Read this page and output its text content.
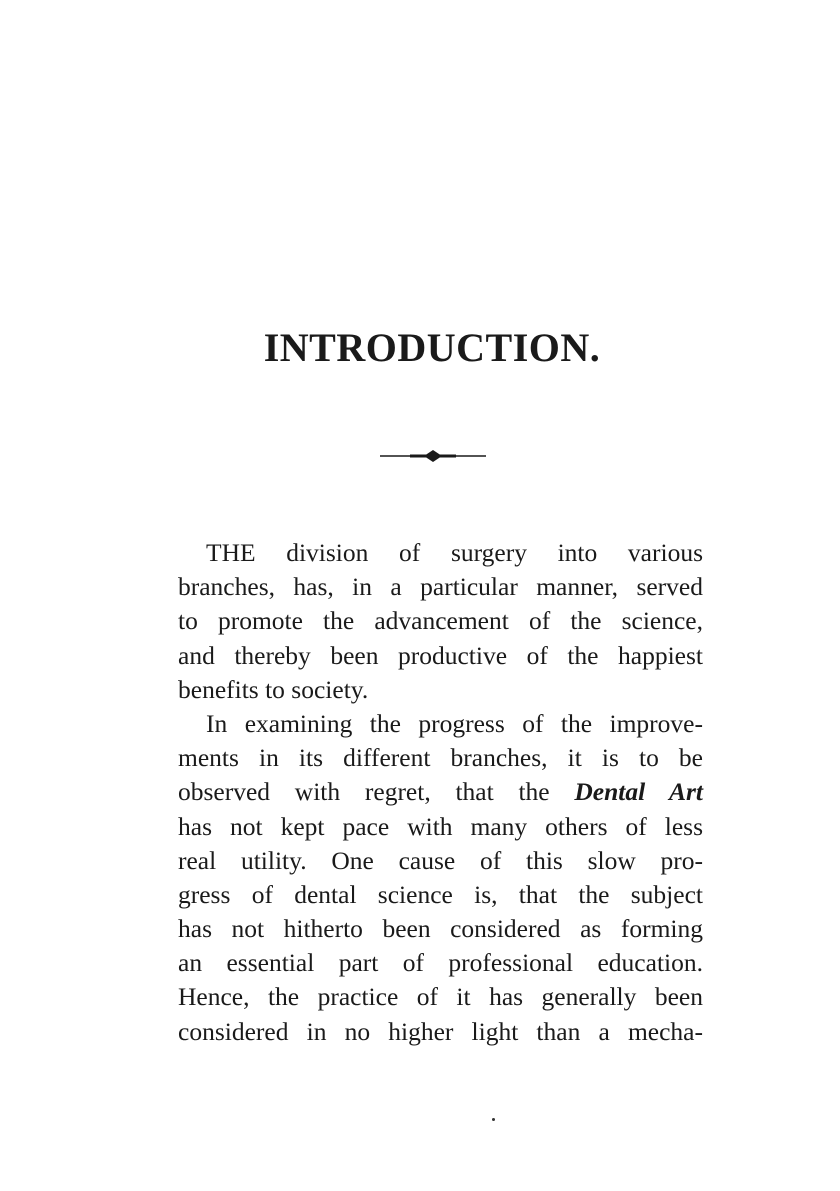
INTRODUCTION.
THE division of surgery into various
branches, has, in a particular manner, served
to promote the advancement of the science,
and thereby been productive of the happiest
benefits to society.
In examining the progress of the improve-
ments in its different branches, it is to be
observed with regret, that the Dental Art
has not kept pace with many others of less
real utility. One cause of this slow pro-
gress of dental science is, that the subject
has not hitherto been considered as forming
an essential part of professional education.
Hence, the practice of it has generally been
considered in no higher light than a mecha-
